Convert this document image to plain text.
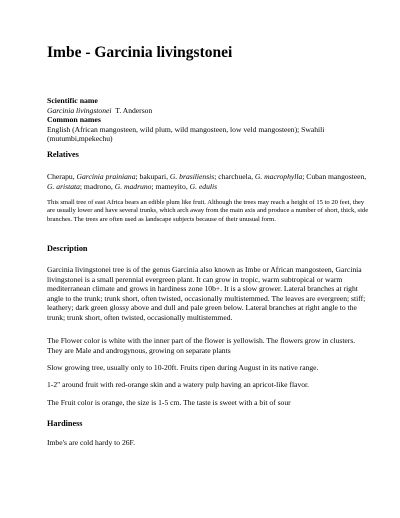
Imbe - Garcinia livingstonei
Scientific name
Garcinia livingstonei T. Anderson
Common names
English (African mangosteen, wild plum, wild mangosteen, low veld mangosteen); Swahili (mutumbi,mpekechu)
Relatives
Cherapu, Garcinia prainiana; bakupari, G. brasiliensis; charchuela, G. macrophylla; Cuban mangosteen, G. aristata; madrono, G. madruno; mameyito, G. edulis
This small tree of east Africa bears an edible plum like fruit. Although the trees may reach a height of 15 to 20 feet, they are usually lower and have several trunks, which arch away from the main axis and produce a number of short, thick, side branches. The trees are often used as landscape subjects because of their unusual form.
Description
Garcinia livingstonei tree is of the genus Garcinia also known as Imbe or African mangosteen, Garcinia livingstonei is a small perennial evergreen plant. It can grow in tropic, warm subtropical or warm mediterranean climate and grows in hardiness zone 10b+. It is a slow grower. Lateral branches at right angle to the trunk; trunk short, often twisted, occasionally multistemmed. The leaves are evergreen; stiff; leathery; dark green glossy above and dull and pale green below. Lateral branches at right angle to the trunk; trunk short, often twisted, occasionally multistemmed.
The Flower color is white with the inner part of the flower is yellowish. The flowers grow in clusters. They are Male and androgynous, growing on separate plants
Slow growing tree, usually only to 10-20ft. Fruits ripen during August in its native range.
1-2" around fruit with red-orange skin and a watery pulp having an apricot-like flavor.
The Fruit color is orange, the size is 1-5 cm. The taste is sweet with a bit of sour
Hardiness
Imbe's are cold hardy to 26F.
